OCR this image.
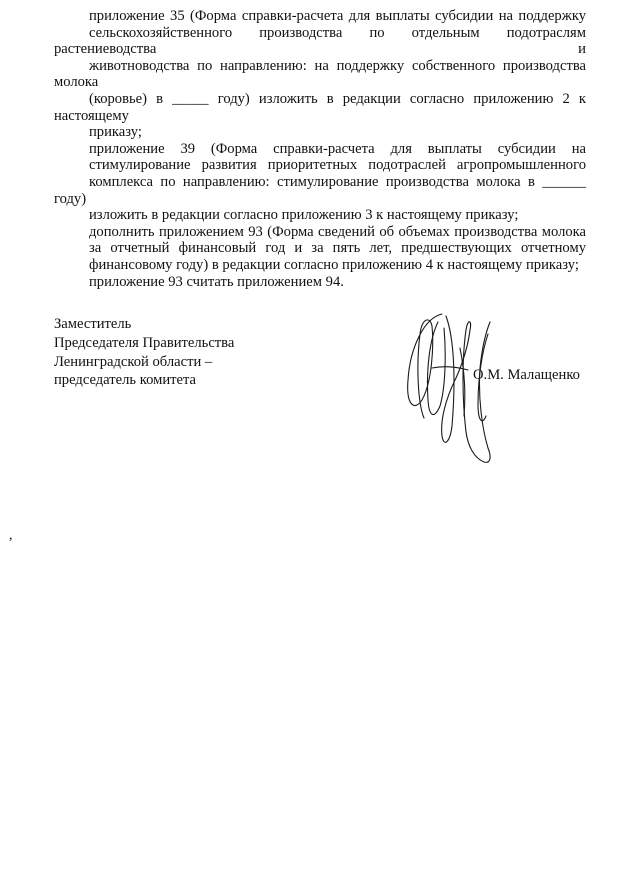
приложение 35 (Форма справки-расчета для выплаты субсидии на поддержку
сельскохозяйственного производства по отдельным подотраслям растениеводства и
животноводства по направлению: на поддержку собственного производства молока
(коровье) в _____ году) изложить в редакции согласно приложению 2 к настоящему
приказу;

приложение 39 (Форма справки-расчета для выплаты субсидии на
стимулирование развития приоритетных подотраслей агропромышленного
комплекса по направлению: стимулирование производства молока в ______ году)
изложить в редакции согласно приложению 3 к настоящему приказу;

дополнить приложением 93 (Форма сведений об объемах производства молока
за отчетный финансовый год и за пять лет, предшествующих отчетному
финансовому году) в редакции согласно приложению 4 к настоящему приказу;

приложение 93 считать приложением 94.

Заместитель
Председателя Правительства
Ленинградской области –
председатель комитета	О.М. Малащенко
,
